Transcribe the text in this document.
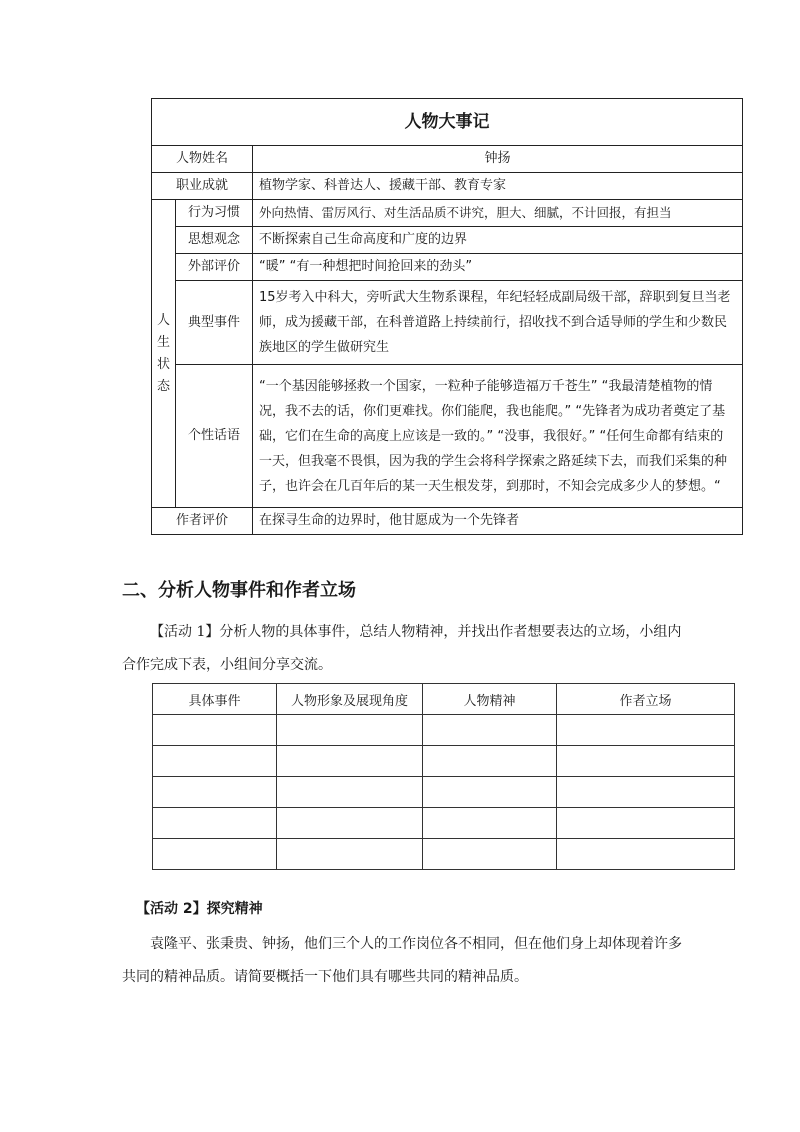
人物大事记		
人物姓名		钟扬
职业成就		植物学家、科普达人、援藏干部、教育专家

人
生
状
态	行为习惯	外向热情、雷厉风行、对生活品质不讲究，胆大、细腻，不计回报，有担当
	思想观念	不断探索自己生命高度和广度的边界
	外部评价	“暖” “有一种想把时间抢回来的劲头”
	典型事件	15岁考入中科大，旁听武大生物系课程，年纪轻轻成副局级干部，辞职到复旦当老师，成为援藏干部，在科普道路上持续前行，招收找不到合适导师的学生和少数民族地区的学生做研究生
	个性话语	“一个基因能够拯救一个国家，一粒种子能够造福万千苍生” “我最清楚植物的情况，我不去的话，你们更难找。你们能爬，我也能爬。” “先锋者为成功者奠定了基础，它们在生命的高度上应该是一致的。” “没事，我很好。” “任何生命都有结束的一天，但我毫不畏惧，因为我的学生会将科学探索之路延续下去，而我们采集的种子，也许会在几百年后的某一天生根发芽，到那时，不知会完成多少人的梦想。“
作者评价		在探寻生命的边界时，他甘愿成为一个先锋者
二、分析人物事件和作者立场
【活动 1】分析人物的具体事件，总结人物精神，并找出作者想要表达的立场，小组内合作完成下表，小组间分享交流。
具体事件	人物形象及展现角度	人物精神	作者立场

【活动 2】探究精神
袁隆平、张秉贵、钟扬，他们三个人的工作岗位各不相同，但在他们身上却体现着许多共同的精神品质。请简要概括一下他们具有哪些共同的精神品质。
